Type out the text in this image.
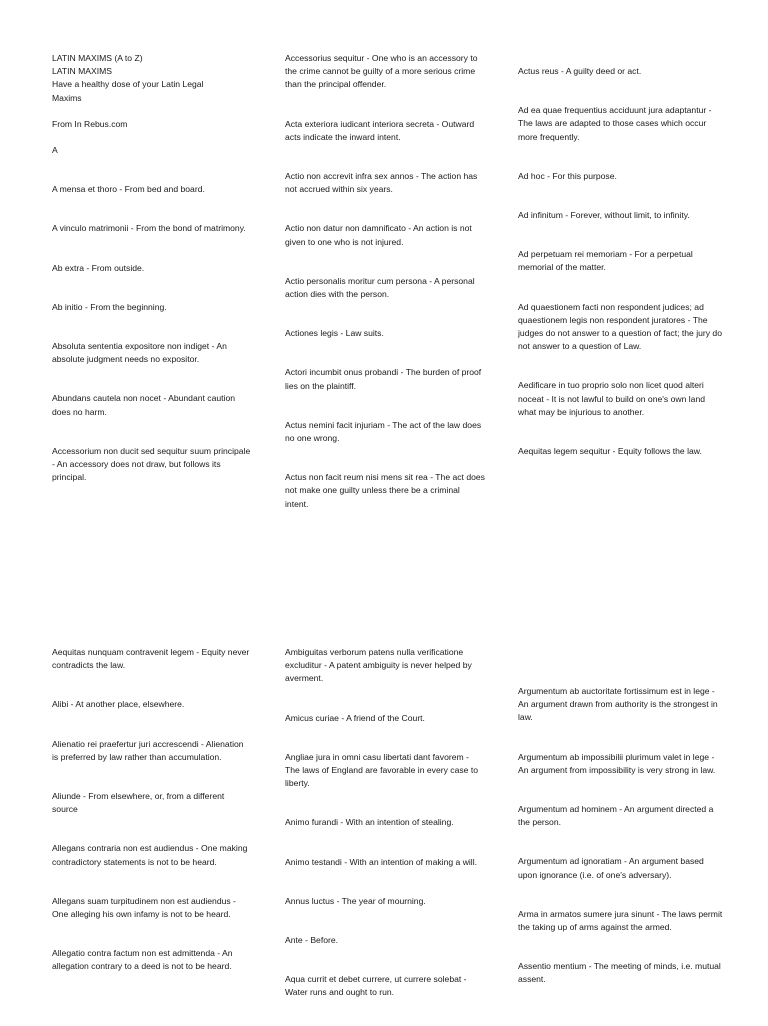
LATIN MAXIMS (A to Z)
LATIN MAXIMS
Have a healthy dose of your Latin Legal Maxims
From In Rebus.com
A
A mensa et thoro - From bed and board.
A vinculo matrimonii - From the bond of matrimony.
Ab extra - From outside.
Ab initio - From the beginning.
Absoluta sententia expositore non indiget - An absolute judgment needs no expositor.
Abundans cautela non nocet - Abundant caution does no harm.
Accessorium non ducit sed sequitur suum principale - An accessory does not draw, but follows its principal.
Accessorius sequitur - One who is an accessory to the crime cannot be guilty of a more serious crime than the principal offender.
Acta exteriora iudicant interiora secreta - Outward acts indicate the inward intent.
Actio non accrevit infra sex annos - The action has not accrued within six years.
Actio non datur non damnificato - An action is not given to one who is not injured.
Actio personalis moritur cum persona - A personal action dies with the person.
Actiones legis - Law suits.
Actori incumbit onus probandi - The burden of proof lies on the plaintiff.
Actus nemini facit injuriam - The act of the law does no one wrong.
Actus non facit reum nisi mens sit rea - The act does not make one guilty unless there be a criminal intent.
Actus reus - A guilty deed or act.
Ad ea quae frequentius acciduunt jura adaptantur - The laws are adapted to those cases which occur more frequently.
Ad hoc - For this purpose.
Ad infinitum - Forever, without limit, to infinity.
Ad perpetuam rei memoriam - For a perpetual memorial of the matter.
Ad quaestionem facti non respondent judices; ad quaestionem legis non respondent juratores - The judges do not answer to a question of fact; the jury do not answer to a question of Law.
Aedificare in tuo proprio solo non licet quod alteri noceat - It is not lawful to build on one's own land what may be injurious to another.
Aequitas legem sequitur - Equity follows the law.
Aequitas nunquam contravenit legem - Equity never contradicts the law.
Alibi - At another place, elsewhere.
Alienatio rei praefertur juri accrescendi - Alienation is preferred by law rather than accumulation.
Aliunde - From elsewhere, or, from a different source
Allegans contraria non est audiendus - One making contradictory statements is not to be heard.
Allegans suam turpitudinem non est audiendus - One alleging his own infamy is not to be heard.
Allegatio contra factum non est admittenda - An allegation contrary to a deed is not to be heard.
Ambiguitas verborum patens nulla verificatione excluditur - A patent ambiguity is never helped by averment.
Amicus curiae - A friend of the Court.
Angliae jura in omni casu libertati dant favorem - The laws of England are favorable in every case to liberty.
Animo furandi - With an intention of stealing.
Animo testandi - With an intention of making a will.
Annus luctus - The year of mourning.
Ante - Before.
Aqua currit et debet currere, ut currere solebat - Water runs and ought to run.
Argumentum ab auctoritate fortissimum est in lege - An argument drawn from authority is the strongest in law.
Argumentum ab impossibilii plurimum valet in lege - An argument from impossibility is very strong in law.
Argumentum ad hominem - An argument directed a the person.
Argumentum ad ignoratiam - An argument based upon ignorance (i.e. of one's adversary).
Arma in armatos sumere jura sinunt - The laws permit the taking up of arms against the armed.
Assentio mentium - The meeting of minds, i.e. mutual assent.
